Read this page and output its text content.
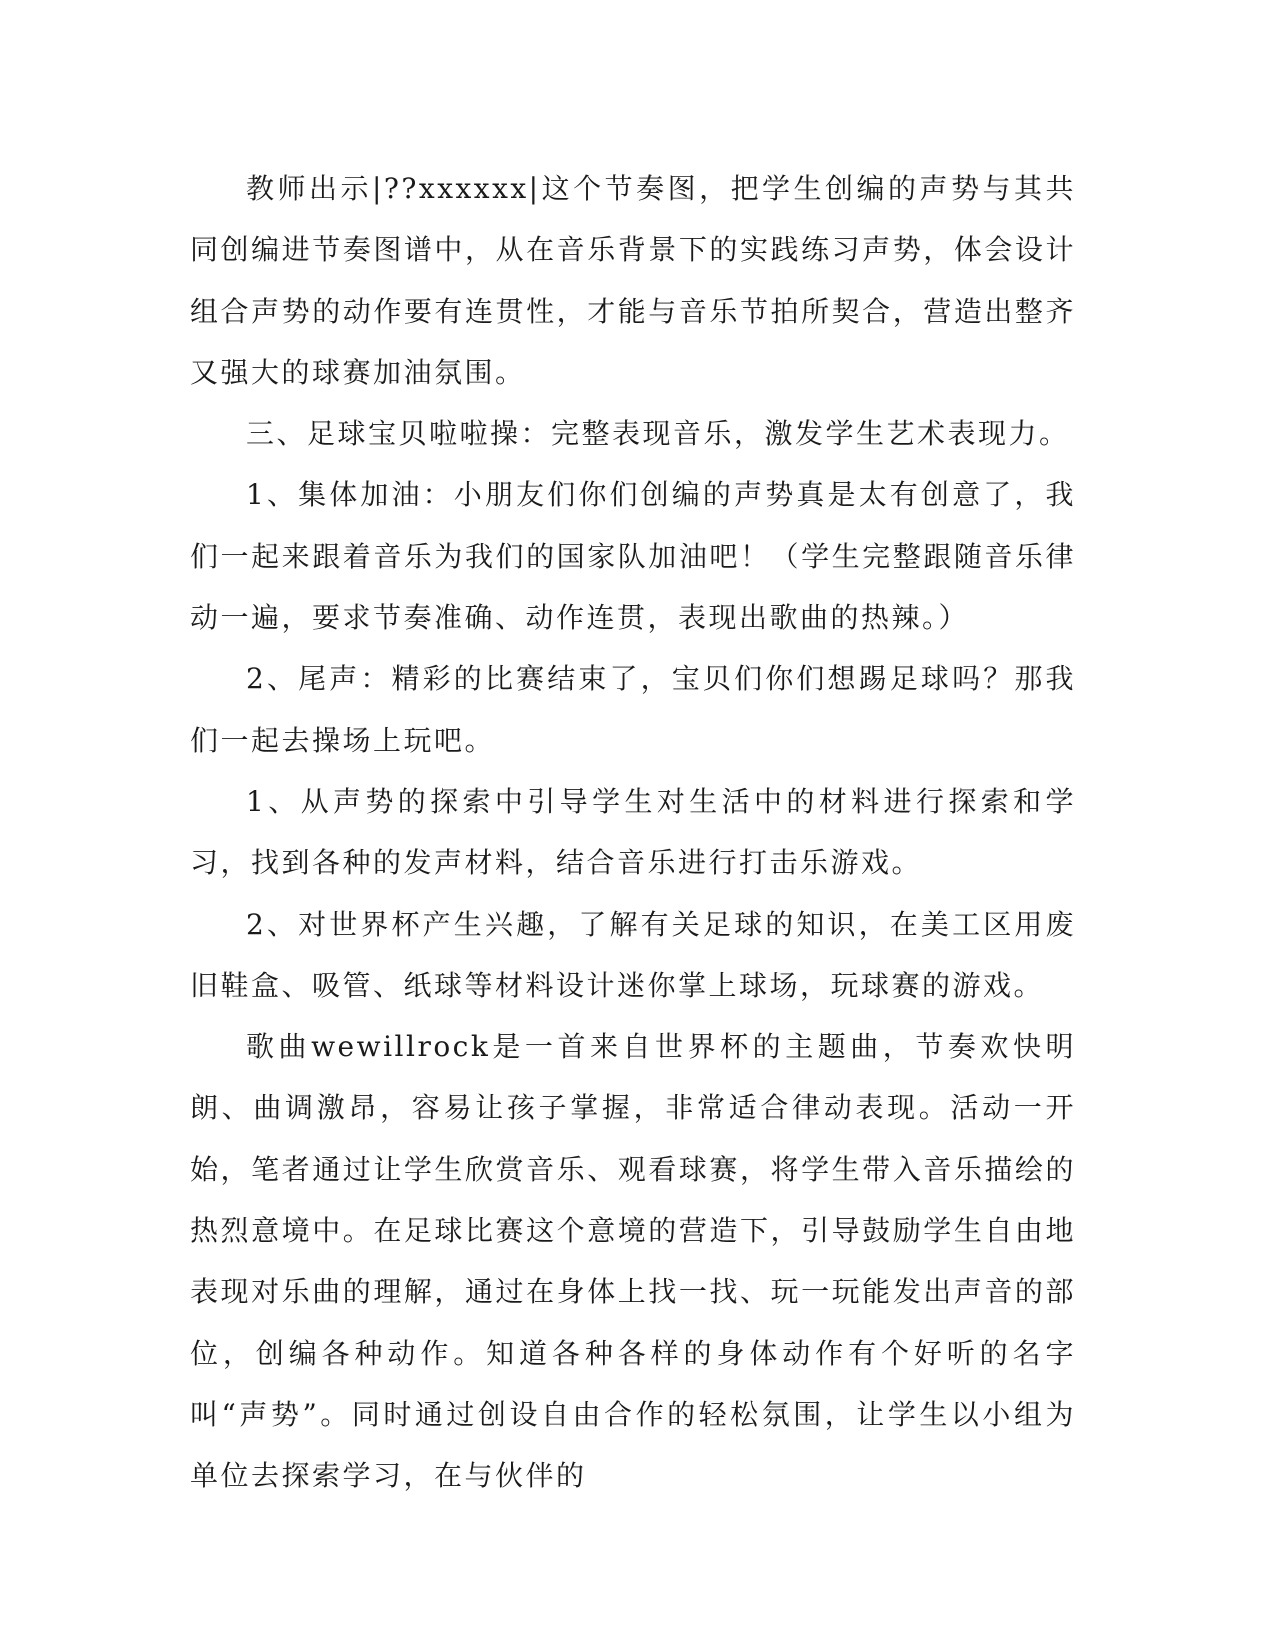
教师出示|??xxxxxx|这个节奏图，把学生创编的声势与其共同创编进节奏图谱中，从在音乐背景下的实践练习声势，体会设计组合声势的动作要有连贯性，才能与音乐节拍所契合，营造出整齐又强大的球赛加油氛围。

三、足球宝贝啦啦操：完整表现音乐，激发学生艺术表现力。

1、集体加油：小朋友们你们创编的声势真是太有创意了，我们一起来跟着音乐为我们的国家队加油吧！（学生完整跟随音乐律动一遍，要求节奏准确、动作连贯，表现出歌曲的热辣。）

2、尾声：精彩的比赛结束了，宝贝们你们想踢足球吗？那我们一起去操场上玩吧。

1、从声势的探索中引导学生对生活中的材料进行探索和学习，找到各种的发声材料，结合音乐进行打击乐游戏。

2、对世界杯产生兴趣，了解有关足球的知识，在美工区用废旧鞋盒、吸管、纸球等材料设计迷你掌上球场，玩球赛的游戏。

歌曲wewillrock是一首来自世界杯的主题曲，节奏欢快明朗、曲调激昂，容易让孩子掌握，非常适合律动表现。活动一开始，笔者通过让学生欣赏音乐、观看球赛，将学生带入音乐描绘的热烈意境中。在足球比赛这个意境的营造下，引导鼓励学生自由地表现对乐曲的理解，通过在身体上找一找、玩一玩能发出声音的部位，创编各种动作。知道各种各样的身体动作有个好听的名字叫“声势”。同时通过创设自由合作的轻松氛围，让学生以小组为单位去探索学习，在与伙伴的
